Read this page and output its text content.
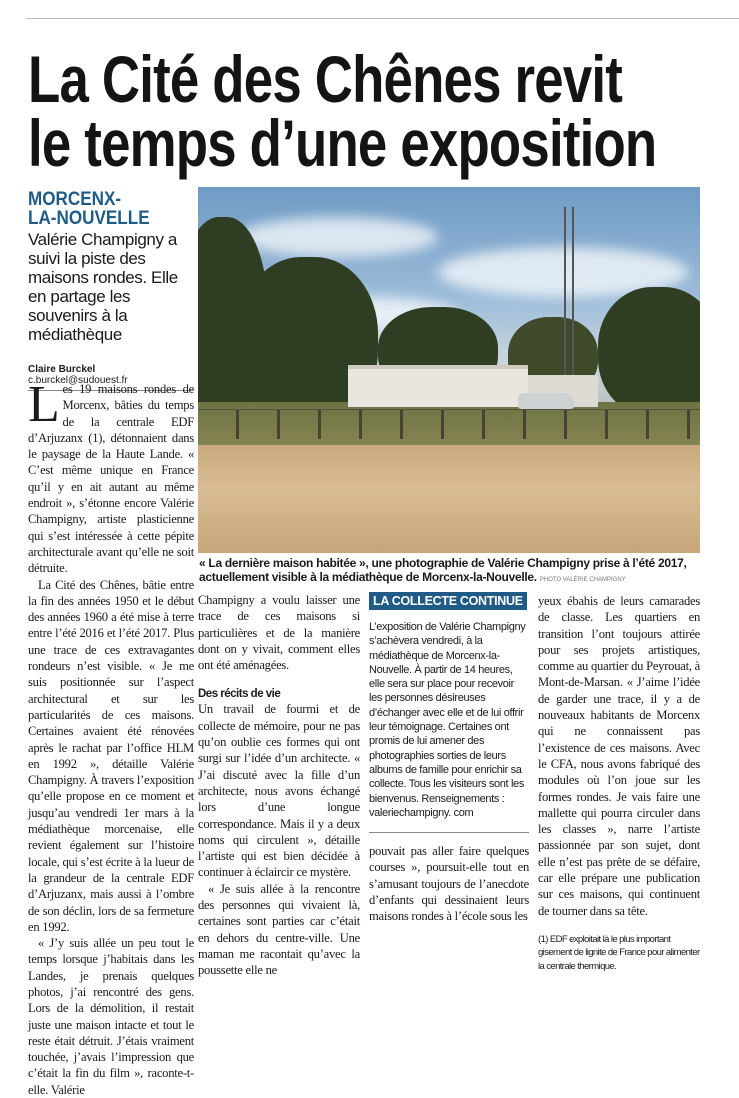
La Cité des Chênes revit
le temps d’une exposition
MORCENX-
LA-NOUVELLE
Valérie Champigny a suivi la piste des maisons rondes. Elle en partage les souvenirs à la médiathèque
Claire Burckel
c.burckel@sudouest.fr

Les 19 maisons rondes de Morcenx, bâties du temps de la centrale EDF d’Arjuzanx (1), détonnaient dans le paysage de la Haute Lande. « C’est même unique en France qu’il y en ait autant au même endroit », s’étonne encore Valérie Champigny, artiste plasticienne qui s’est intéressée à cette pépite architecturale avant qu’elle ne soit détruite.

La Cité des Chênes, bâtie entre la fin des années 1950 et le début des années 1960 a été mise à terre entre l’été 2016 et l’été 2017. Plus une trace de ces extravagantes rondeurs n’est visible. « Je me suis positionnée sur l’aspect architectural et sur les particularités de ces maisons. Certaines avaient été rénovées après le rachat par l’office HLM en 1992 », détaille Valérie Champigny. À travers l’exposition qu’elle propose en ce moment et jusqu’au vendredi 1er mars à la médiathèque morcenaise, elle revient également sur l’histoire locale, qui s’est écrite à la lueur de la grandeur de la centrale EDF d’Arjuzanx, mais aussi à l’ombre de son déclin, lors de sa fermeture en 1992.

« J’y suis allée un peu tout le temps lorsque j’habitais dans les Landes, je prenais quelques photos, j’ai rencontré des gens. Lors de la démolition, il restait juste une maison intacte et tout le reste était détruit. J’étais vraiment touchée, j’avais l’impression que c’était la fin du film », raconte-t-elle. Valérie

« La dernière maison habitée », une photographie de Valérie Champigny prise à l’été 2017, actuellement visible à la médiathèque de Morcenx-la-Nouvelle. PHOTO VALÉRIE CHAMPIGNY

Champigny a voulu laisser une trace de ces maisons si particulières et de la manière dont on y vivait, comment elles ont été aménagées.

Des récits de vie

Un travail de fourmi et de collecte de mémoire, pour ne pas qu’on oublie ces formes qui ont surgi sur l’idée d’un architecte. « J’ai discuté avec la fille d’un architecte, nous avons échangé lors d’une longue correspondance. Mais il y a deux noms qui circulent », détaille l’artiste qui est bien décidée à continuer à éclaircir ce mystère.

« Je suis allée à la rencontre des personnes qui vivaient là, certaines sont parties car c’était en dehors du centre-ville. Une maman me racontait qu’avec la poussette elle ne

LA COLLECTE CONTINUE
L’exposition de Valérie Champigny s’achèvera vendredi, à la médiathèque de Morcenx-la-Nouvelle. À partir de 14 heures, elle sera sur place pour recevoir les personnes désireuses d’échanger avec elle et de lui offrir leur témoignage. Certaines ont promis de lui amener des photographies sorties de leurs albums de famille pour enrichir sa collecte. Tous les visiteurs sont les bienvenus. Renseignements : valeriechampigny. com

pouvait pas aller faire quelques courses », poursuit-elle tout en s’amusant toujours de l’anecdote d’enfants qui dessinaient leurs maisons rondes à l’école sous les

yeux ébahis de leurs camarades de classe. Les quartiers en transition l’ont toujours attirée pour ses projets artistiques, comme au quartier du Peyrouat, à Mont-de-Marsan. « J’aime l’idée de garder une trace, il y a de nouveaux habitants de Morcenx qui ne connaissent pas l’existence de ces maisons. Avec le CFA, nous avons fabriqué des modules où l’on joue sur les formes rondes. Je vais faire une mallette qui pourra circuler dans les classes », narre l’artiste passionnée par son sujet, dont elle n’est pas prête de se défaire, car elle prépare une publication sur ces maisons, qui continuent de tourner dans sa tête.

(1) EDF exploitait là le plus important gisement de lignite de France pour alimenter la centrale thermique.
